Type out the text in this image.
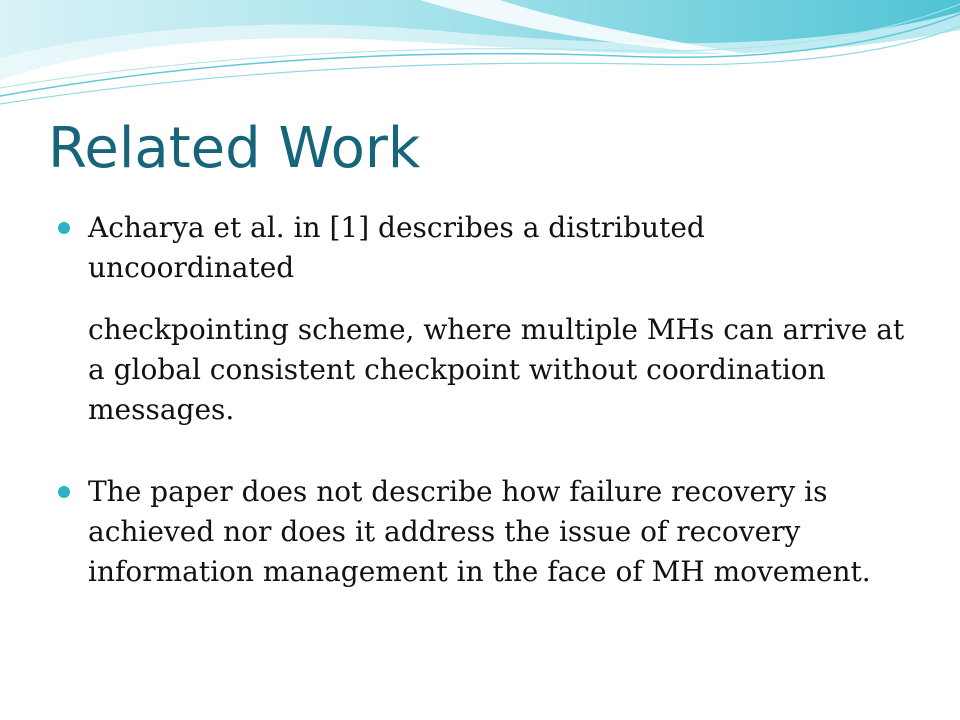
Related Work

Acharya et al. in [1] describes a distributed uncoordinated

checkpointing scheme, where multiple MHs can arrive at a global consistent checkpoint without coordination messages.

The paper does not describe how failure recovery is achieved nor does it address the issue of recovery information management in the face of MH movement.
